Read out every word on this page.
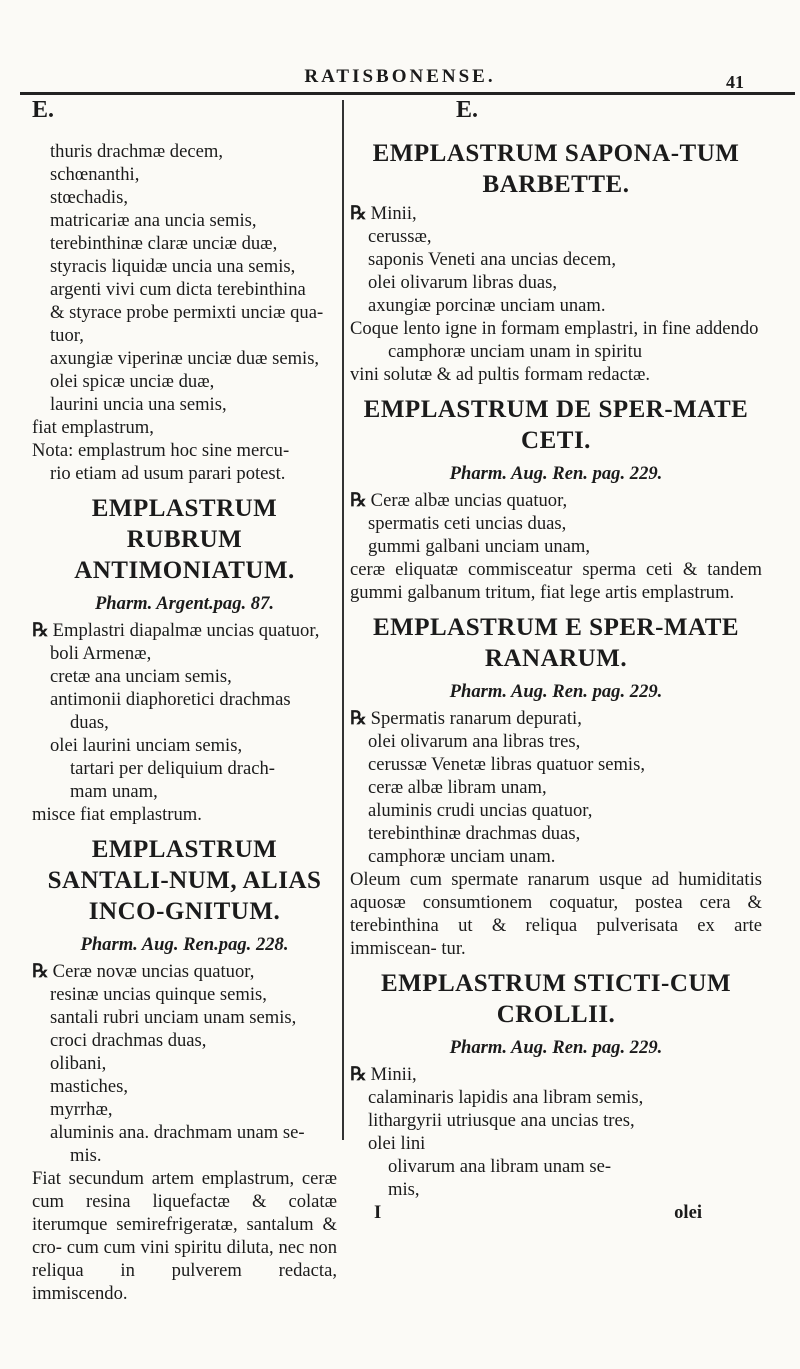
RATISBONENSE.	41
E.	E.

thuris drachmæ decem,

schœnanthi,

stœchadis,

matricariæ ana uncia semis,

terebinthinæ claræ unciæ duæ,

styracis liquidæ uncia una semis,

argenti vivi cum dicta terebinthina

& styrace probe permixti unciæ qua-

tuor,

axungiæ viperinæ unciæ duæ semis,

olei spicæ unciæ duæ,

laurini uncia una semis,

fiat emplastrum,

Nota: emplastrum hoc sine mercu-

rio etiam ad usum parari potest.

EMPLASTRUM RUBRUM ANTIMONIATUM.
Pharm. Argent.pag. 87.

℞ Emplastri diapalmæ uncias quatuor,

boli Armenæ,

cretæ ana unciam semis,

antimonii diaphoretici drachmas

duas,

olei laurini unciam semis,

tartari per deliquium drach-

mam unam,

misce fiat emplastrum.

EMPLASTRUM SANTALI-NUM, ALIAS INCO-GNITUM.
Pharm. Aug. Ren.pag. 228.

℞ Ceræ novæ uncias quatuor,

resinæ uncias quinque semis,

santali rubri unciam unam semis,

croci drachmas duas,

olibani,

mastiches,

myrrhæ,

aluminis ana. drachmam unam se-

mis.

Fiat secundum artem emplastrum, ceræ cum resina liquefactæ & colatæ iterumque semirefrigeratæ, santalum & cro- cum cum vini spiritu diluta, nec non reliqua in pulverem redacta, immiscendo.

EMPLASTRUM SAPONA-TUM BARBETTE.

℞ Minii,

cerussæ,

saponis Veneti ana uncias decem,

olei olivarum libras duas,

axungiæ porcinæ unciam unam.

Coque lento igne in formam emplastri, in fine addendo

camphoræ unciam unam in spiritu

vini solutæ & ad pultis formam redactæ.

EMPLASTRUM DE SPER-MATE CETI.
Pharm. Aug. Ren. pag. 229.

℞ Ceræ albæ uncias quatuor,

spermatis ceti uncias duas,

gummi galbani unciam unam,

ceræ eliquatæ commisceatur sperma ceti & tandem gummi galbanum tritum, fiat lege artis emplastrum.

EMPLASTRUM E SPER-MATE RANARUM.
Pharm. Aug. Ren. pag. 229.

℞ Spermatis ranarum depurati,

olei olivarum ana libras tres,

cerussæ Venetæ libras quatuor semis,

ceræ albæ libram unam,

aluminis crudi uncias quatuor,

terebinthinæ drachmas duas,

camphoræ unciam unam.

Oleum cum spermate ranarum usque ad humiditatis aquosæ consumtionem coquatur, postea cera & terebinthina ut & reliqua pulverisata ex arte immiscean- tur.

EMPLASTRUM STICTI-CUM CROLLII.
Pharm. Aug. Ren. pag. 229.

℞ Minii,

calaminaris lapidis ana libram semis,

lithargyrii utriusque ana uncias tres,

olei lini

olivarum ana libram unam se-

mis,

I	olei
